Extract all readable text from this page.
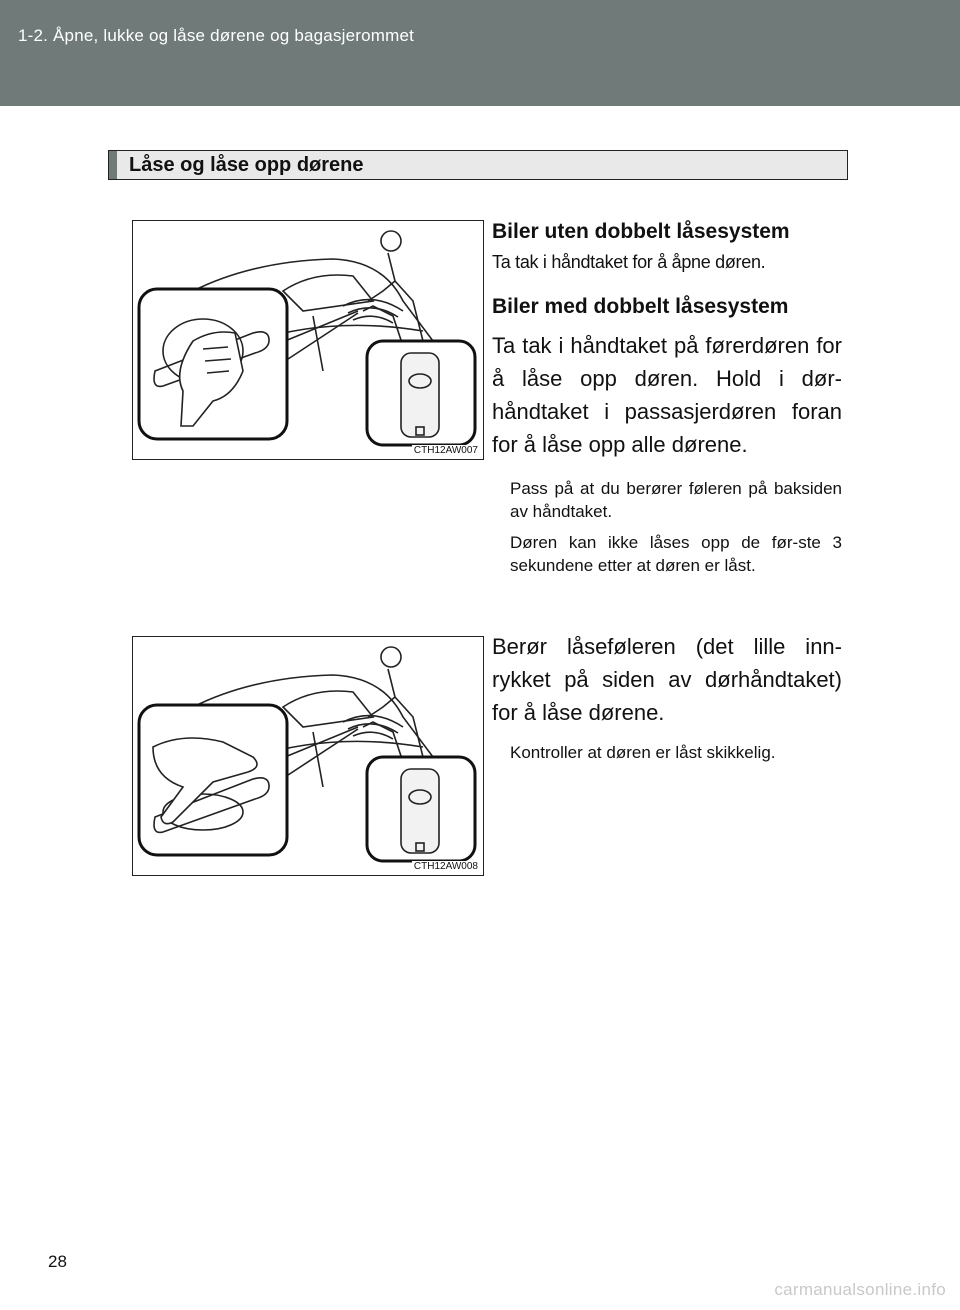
1-2. Åpne, lukke og låse dørene og bagasjerommet
Låse og låse opp dørene
CTH12AW007
CTH12AW008

Biler uten dobbelt låsesystem

Ta tak i håndtaket for å åpne døren.

Biler med dobbelt låsesystem

Ta tak i håndtaket på førerdøren for å låse opp døren. Hold i dør-håndtaket i passasjerdøren foran for å låse opp alle dørene.

Pass på at du berører føleren på baksiden av håndtaket.

Døren kan ikke låses opp de før-ste 3 sekundene etter at døren er låst.

Berør låseføleren (det lille inn-rykket på siden av dørhåndtaket) for å låse dørene.

Kontroller at døren er låst skikkelig.

28
carmanualsonline.info
